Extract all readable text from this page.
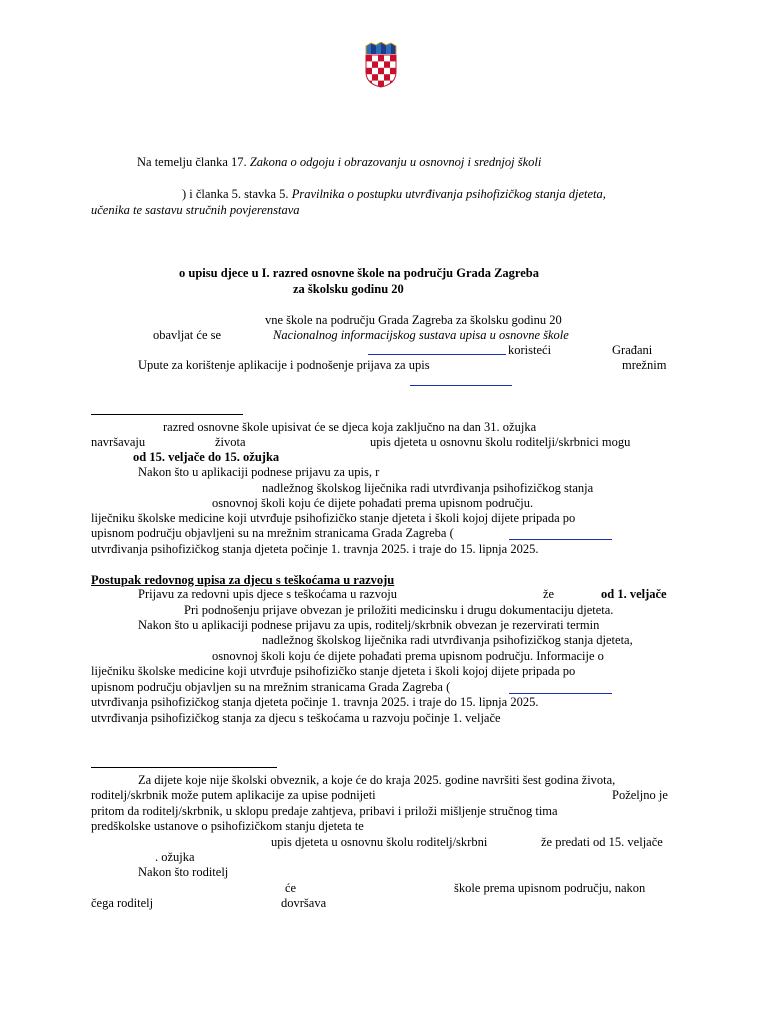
Na temelju članka 17. Zakona o odgoju i obrazovanju u osnovnoj i srednjoj školi
) i članka 5. stavka 5. Pravilnika o postupku utvrđivanja psihofizičkog stanja djeteta,
učenika te sastavu stručnih povjerenstava
o upisu djece u I. razred osnovne škole na području Grada Zagreba
za školsku godinu 20
vne škole na području Grada Zagreba za školsku godinu 20
obavljat će se	Nacionalnog informacijskog sustava upisa u osnovne škole
koristeći	Građani
Upute za korištenje aplikacije i podnošenje prijava za upis	mrežnim
razred osnovne škole upisivat će se djeca koja zaključno na dan 31. ožujka
navršavaju	života	upis djeteta u osnovnu školu roditelji/skrbnici mogu
od 15. veljače do 15. ožujka
Nakon što u aplikaciji podnese prijavu za upis, r
nadležnog školskog liječnika radi utvrđivanja psihofizičkog stanja
osnovnoj školi koju će dijete pohađati prema upisnom području.
liječniku školske medicine koji utvrđuje psihofizičko stanje djeteta i školi kojoj dijete pripada po
upisnom području objavljeni su na mrežnim stranicama Grada Zagreba (
utvrđivanja psihofizičkog stanja djeteta počinje 1. travnja 2025. i traje do 15. lipnja 2025.
Postupak redovnog upisa za djecu s teškoćama u razvoju
Prijavu za redovni upis djece s teškoćama u razvoju	že	od 1. veljače
Pri podnošenju prijave obvezan je priložiti medicinsku i drugu dokumentaciju djeteta.
Nakon što u aplikaciji podnese prijavu za upis, roditelj/skrbnik obvezan je rezervirati termin
nadležnog školskog liječnika radi utvrđivanja psihofizičkog stanja djeteta,
osnovnoj školi koju će dijete pohađati prema upisnom području. Informacije o
liječniku školske medicine koji utvrđuje psihofizičko stanje djeteta i školi kojoj dijete pripada po
upisnom području objavljen su na mrežnim stranicama Grada Zagreba (
utvrđivanja psihofizičkog stanja djeteta počinje 1. travnja 2025. i traje do 15. lipnja 2025.
utvrđivanja psihofizičkog stanja za djecu s teškoćama u razvoju počinje 1. veljače
Za dijete koje nije školski obveznik, a koje će do kraja 2025. godine navršiti šest godina života,
roditelj/skrbnik može putem aplikacije za upise podnijeti	Poželjno je
pritom da roditelj/skrbnik, u sklopu predaje zahtjeva, pribavi i priloži mišljenje stručnog tima
predškolske ustanove o psihofizičkom stanju djeteta te
upis djeteta u osnovnu školu roditelj/skrbni	že predati od 15. veljače
. ožujka
Nakon što roditelj
će	škole prema upisnom području, nakon
čega roditelj	dovršava
